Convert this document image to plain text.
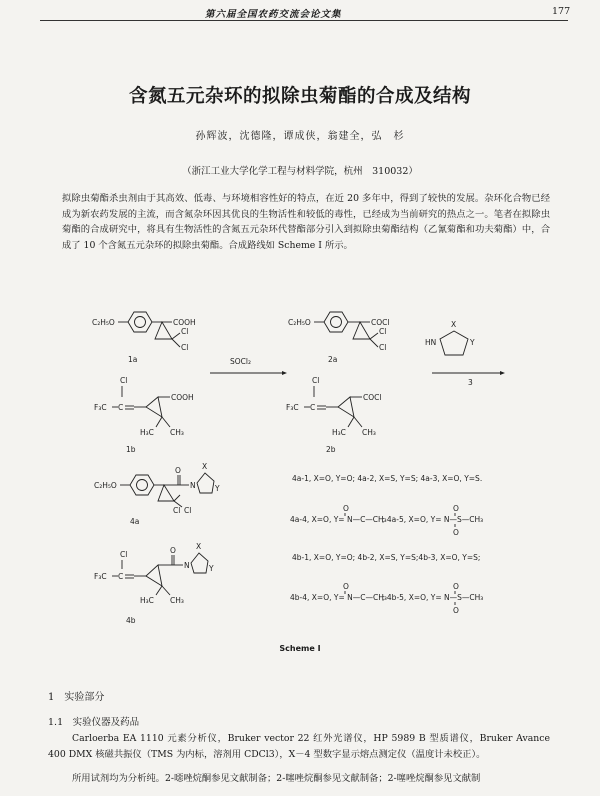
第六届全国农药交流会论文集	177
含氮五元杂环的拟除虫菊酯的合成及结构
孙辉波，沈德隆，谭成侠，翁建全，弘　杉
（浙江工业大学化学工程与材料学院，杭州　310032）
拟除虫菊酯杀虫剂由于其高效、低毒、与环境相容性好的特点，在近 20 多年中，得到了较快的发展。杂环化合物已经成为新农药发展的主流，而含氮杂环因其优良的生物活性和较低的毒性，已经成为当前研究的热点之一。笔者在拟除虫菊酯的合成研究中，将具有生物活性的含氮五元杂环代替酯部分引入到拟除虫菊酯结构（乙氰菊酯和功夫菊酯）中，合成了 10 个含氮五元杂环的拟除虫菊酯。合成路线如 Scheme I 所示。
C₂H₅O	COOH
Cl
Cl
1a
C₂H₅O	COCl
Cl
Cl
2a
SOCl₂
X
HN	Y
3
Cl
F₃C C
COOH
H₃C CH₃
1b
Cl
F₃C C
COCl
H₃C CH₃
2b
C₂H₅O
O
N
X
Y
Cl Cl
4a
4a-1, X=O, Y=O; 4a-2, X=S, Y=S; 4a-3, X=O, Y=S.
4a-4, X=O, Y= N—C—CH₃
; 4a-5, X=O, Y= N—S—CH₃
O	O
O
Cl
F₃C C
O
N
X
Y
H₃C CH₃
4b
4b-1, X=O, Y=O; 4b-2, X=S, Y=S;4b-3, X=O, Y=S;
4b-4, X=O, Y= N—C—CH₃
; 4b-5, X=O, Y= N—S—CH₃
O	O
O
Scheme I
1　实验部分
1.1　实验仪器及药品
Carloerba EA 1110 元素分析仪，Bruker vector 22 红外光谱仪，HP 5989 B 型质谱仪，Bruker Avance 400 DMX 核磁共振仪（TMS 为内标，溶剂用 CDCl3），X－4 型数字显示熔点测定仪（温度计未校正）。
所用试剂均为分析纯。2-噁唑烷酮参见文献制备；2-噻唑烷酮参见文献制备；2-噻唑烷酮参见文献制
